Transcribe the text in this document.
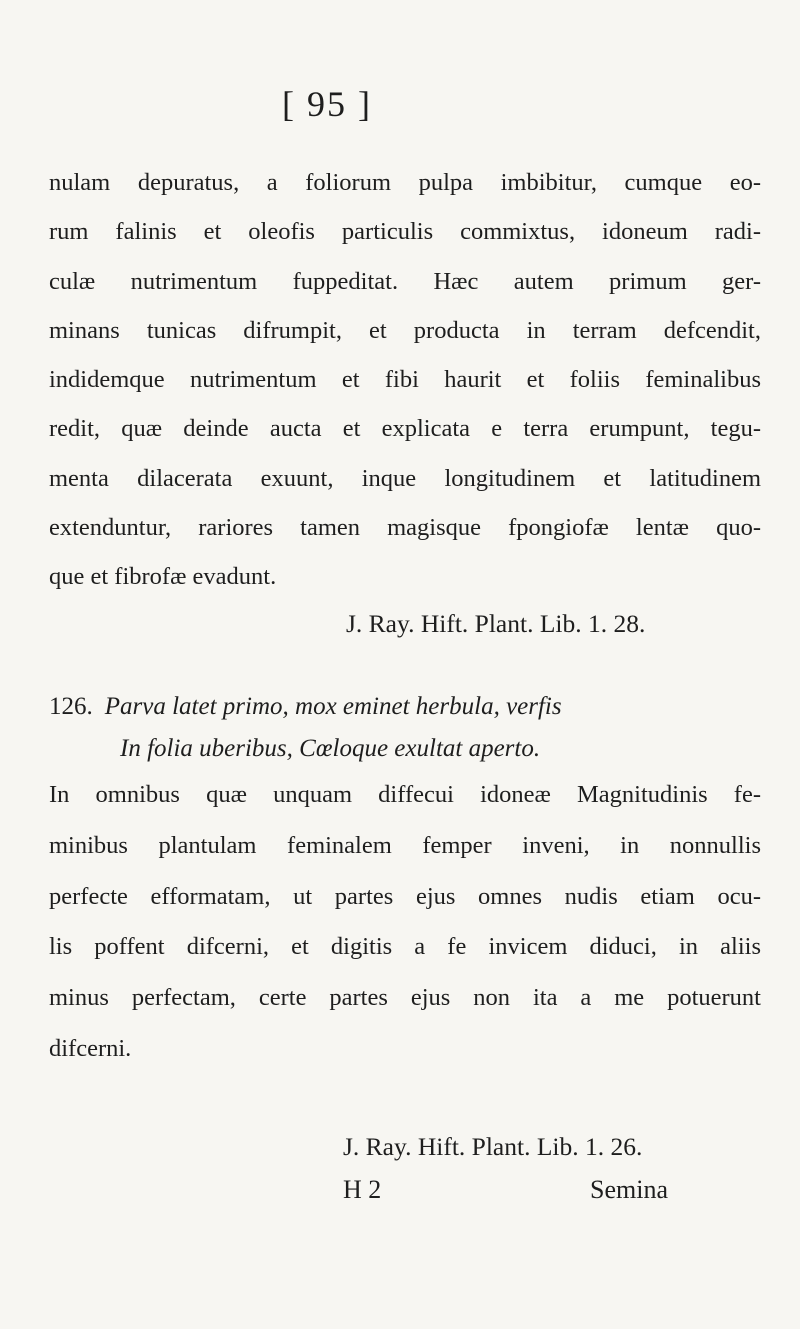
[ 95 ]
nulam depuratus, a foliorum pulpa imbibitur, cumque eo-
rum falinis et oleofis particulis commixtus, idoneum radi-
culæ nutrimentum fuppeditat. Hæc autem primum ger-
minans tunicas difrumpit, et producta in terram defcendit,
indidemque nutrimentum et fibi haurit et foliis feminalibus
redit, quæ deinde aucta et explicata e terra erumpunt, tegu-
menta dilacerata exuunt, inque longitudinem et latitudinem
extenduntur, rariores tamen magisque fpongiofæ lentæ quo-
que et fibrofæ evadunt.
J. Ray. Hift. Plant. Lib. 1. 28.
126. Parva latet primo, mox eminet herbula, verfis
In folia uberibus, Cœloque exultat aperto.
In omnibus quæ unquam diffecui idoneæ Magnitudinis fe-
minibus plantulam feminalem femper inveni, in nonnullis
perfecte efformatam, ut partes ejus omnes nudis etiam ocu-
lis poffent difcerni, et digitis a fe invicem diduci, in aliis
minus perfectam, certe partes ejus non ita a me potuerunt
difcerni.
J. Ray. Hift. Plant. Lib. 1. 26.
H 2	Semina
